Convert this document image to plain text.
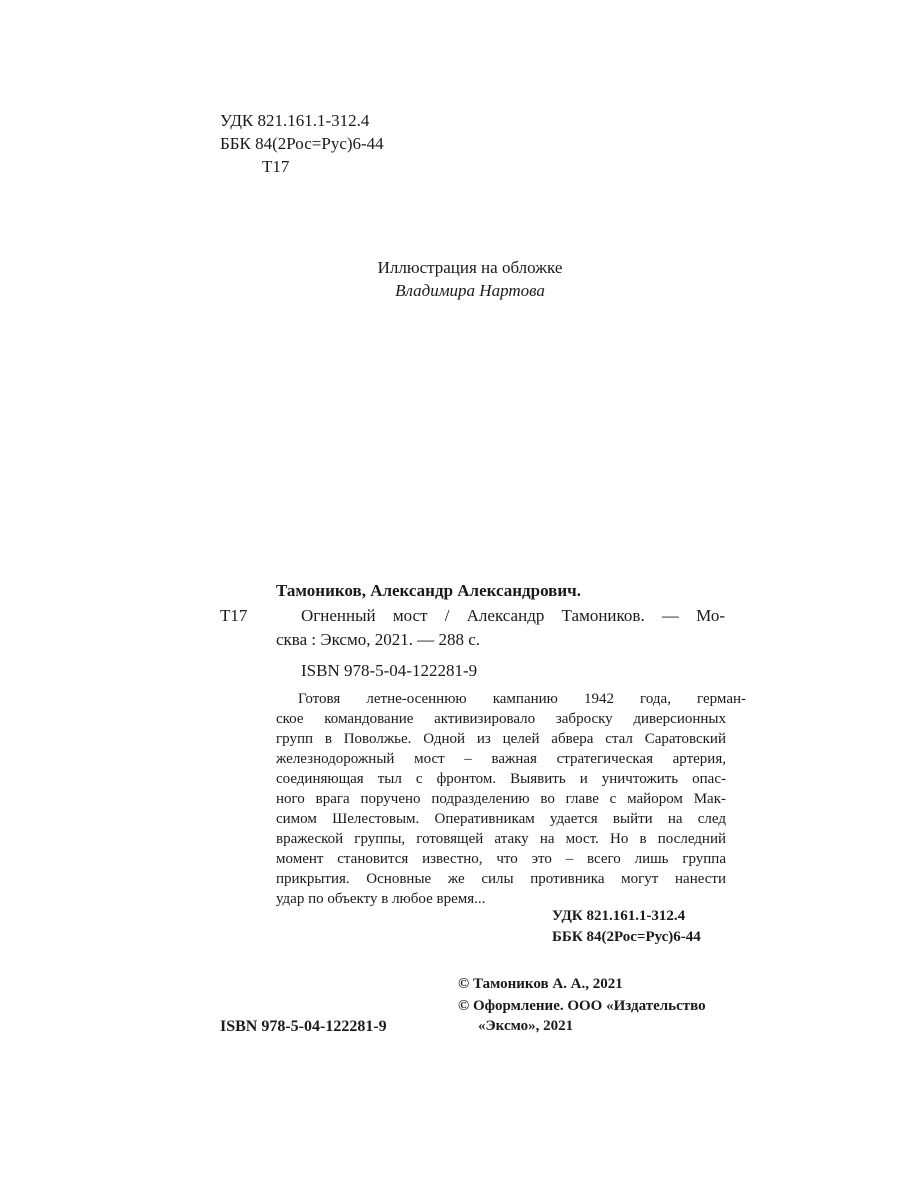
УДК 821.161.1-312.4
ББК 84(2Рос=Рус)6-44
Т17
Иллюстрация на обложке
Владимира Нартова
Тамоников, Александр Александрович.
Т17	Огненный мост / Александр Тамоников. — Мо-
сква : Эксмо, 2021. — 288 с.
ISBN 978-5-04-122281-9
Готовя летне-осеннюю кампанию 1942 года, герман-
ское командование активизировало заброску диверсионных
групп в Поволжье. Одной из целей абвера стал Саратовский
железнодорожный мост – важная стратегическая артерия,
соединяющая тыл с фронтом. Выявить и уничтожить опас-
ного врага поручено подразделению во главе с майором Мак-
симом Шелестовым. Оперативникам удается выйти на след
вражеской группы, готовящей атаку на мост. Но в последний
момент становится известно, что это – всего лишь группа
прикрытия. Основные же силы противника могут нанести
удар по объекту в любое время...
УДК 821.161.1-312.4
ББК 84(2Рос=Рус)6-44
ISBN 978-5-04-122281-9
© Тамоников А. А., 2021
© Оформление. ООО «Издательство
«Эксмо», 2021
